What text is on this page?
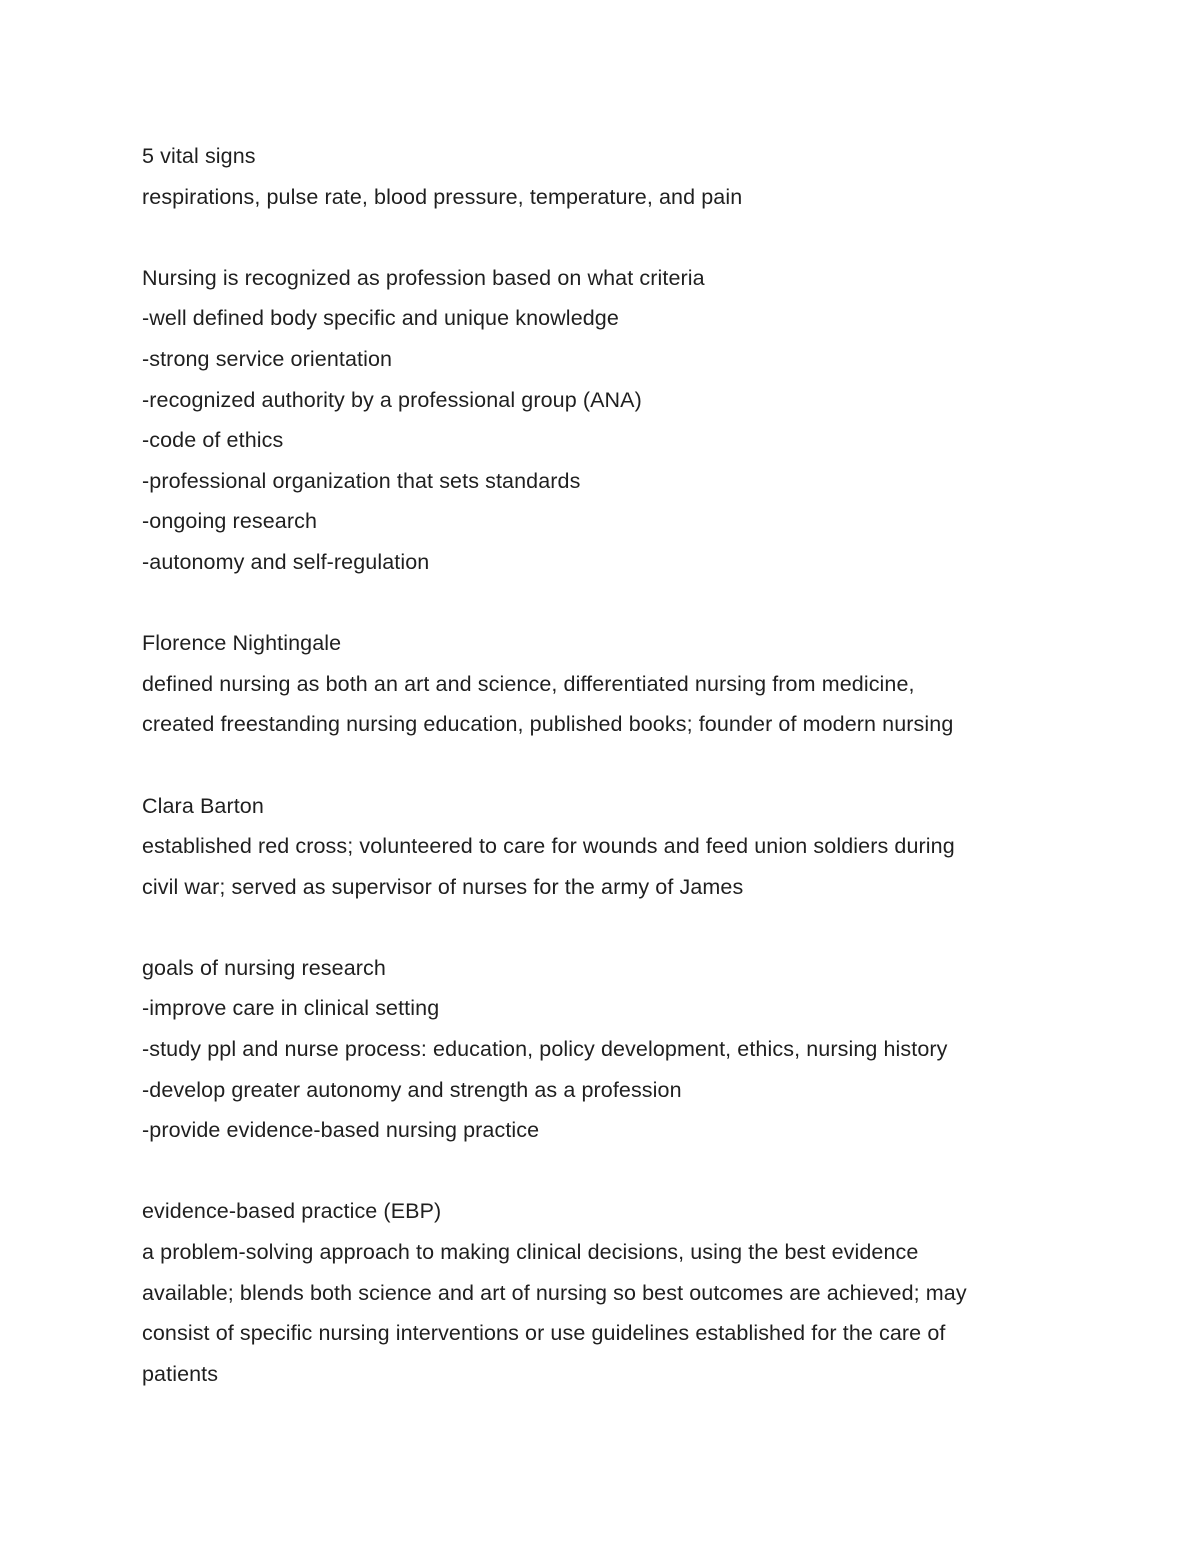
5 vital signs

respirations, pulse rate, blood pressure, temperature, and pain

Nursing is recognized as profession based on what criteria

-well defined body specific and unique knowledge

-strong service orientation

-recognized authority by a professional group (ANA)

-code of ethics

-professional organization that sets standards

-ongoing research

-autonomy and self-regulation

Florence Nightingale

defined nursing as both an art and science, differentiated nursing from medicine,

created freestanding nursing education, published books; founder of modern nursing

Clara Barton

established red cross; volunteered to care for wounds and feed union soldiers during

civil war; served as supervisor of nurses for the army of James

goals of nursing research

-improve care in clinical setting

-study ppl and nurse process: education, policy development, ethics, nursing history

-develop greater autonomy and strength as a profession

-provide evidence-based nursing practice

evidence-based practice (EBP)

a problem-solving approach to making clinical decisions, using the best evidence

available; blends both science and art of nursing so best outcomes are achieved; may

consist of specific nursing interventions or use guidelines established for the care of

patients
